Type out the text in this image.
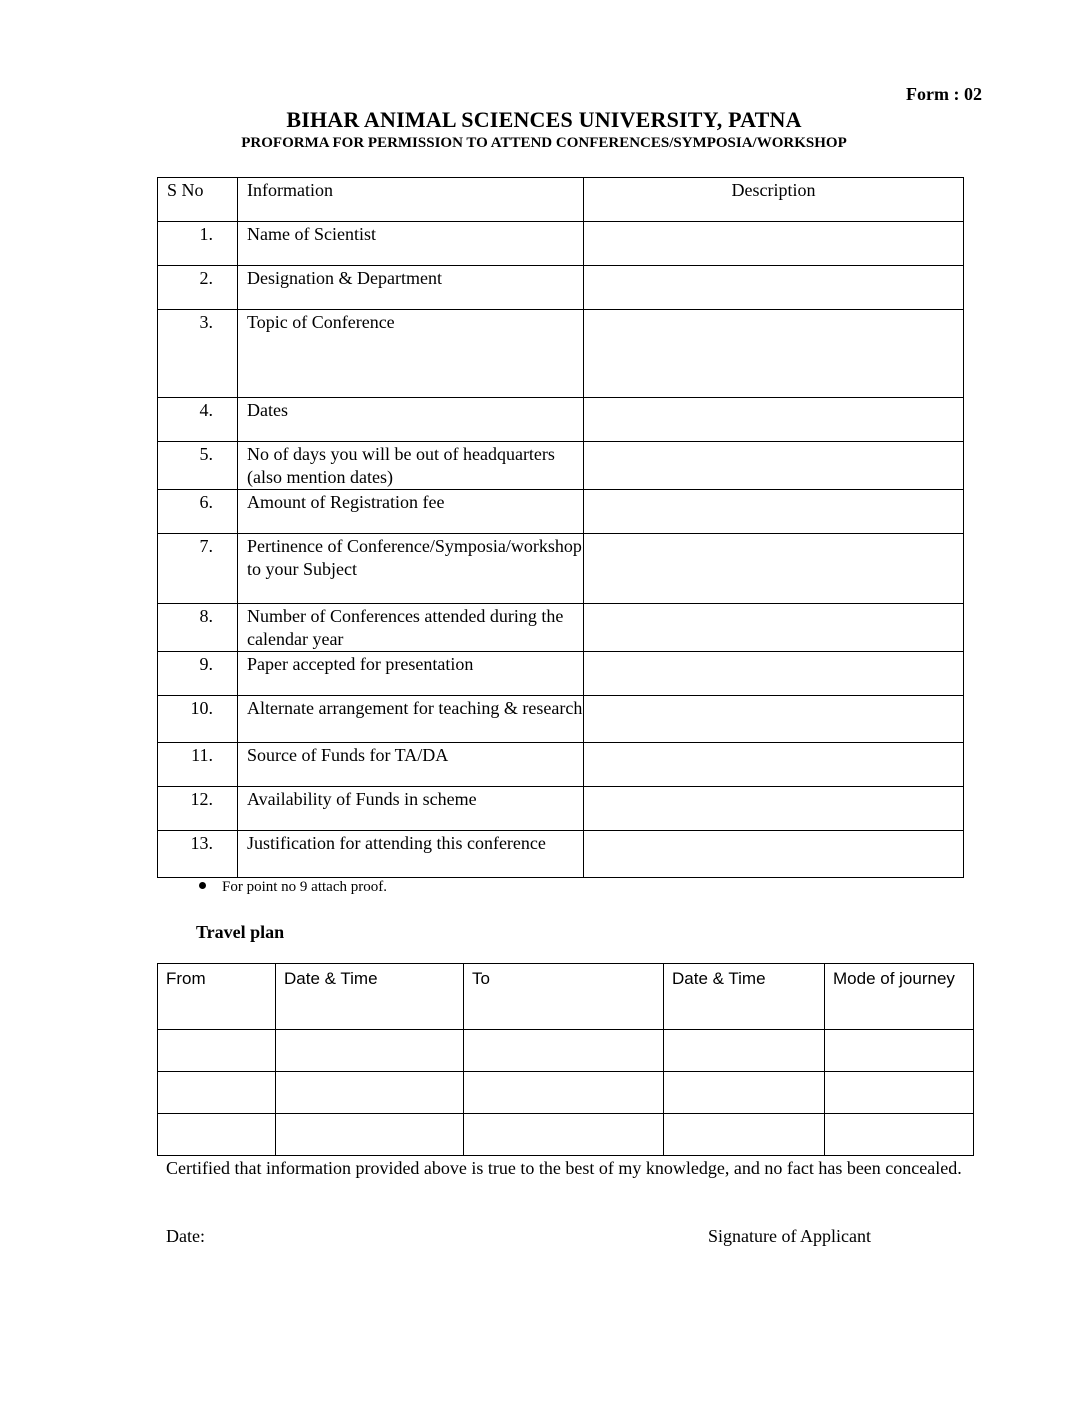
Form : 02
BIHAR ANIMAL SCIENCES UNIVERSITY, PATNA
PROFORMA FOR PERMISSION TO ATTEND CONFERENCES/SYMPOSIA/WORKSHOP
S No	Information	Description
1.	Name of Scientist	
2.	Designation & Department	
3.	Topic of Conference	
4.	Dates	
5.	No of days you will be out of headquarters (also mention dates)	
6.	Amount of Registration fee	
7.	Pertinence of Conference/Symposia/workshop to your Subject	
8.	Number of Conferences attended during the calendar year	
9.	Paper accepted for presentation	
10.	Alternate arrangement for teaching & research	
11.	Source of Funds for TA/DA	
12.	Availability of Funds in scheme	
13.	Justification for attending this conference	
For point no 9 attach proof.
Travel plan
From	Date & Time	To	Date & Time	Mode of journey

Certified that information provided above is true to the best of my knowledge, and no fact has been concealed.
Date:	Signature of Applicant
